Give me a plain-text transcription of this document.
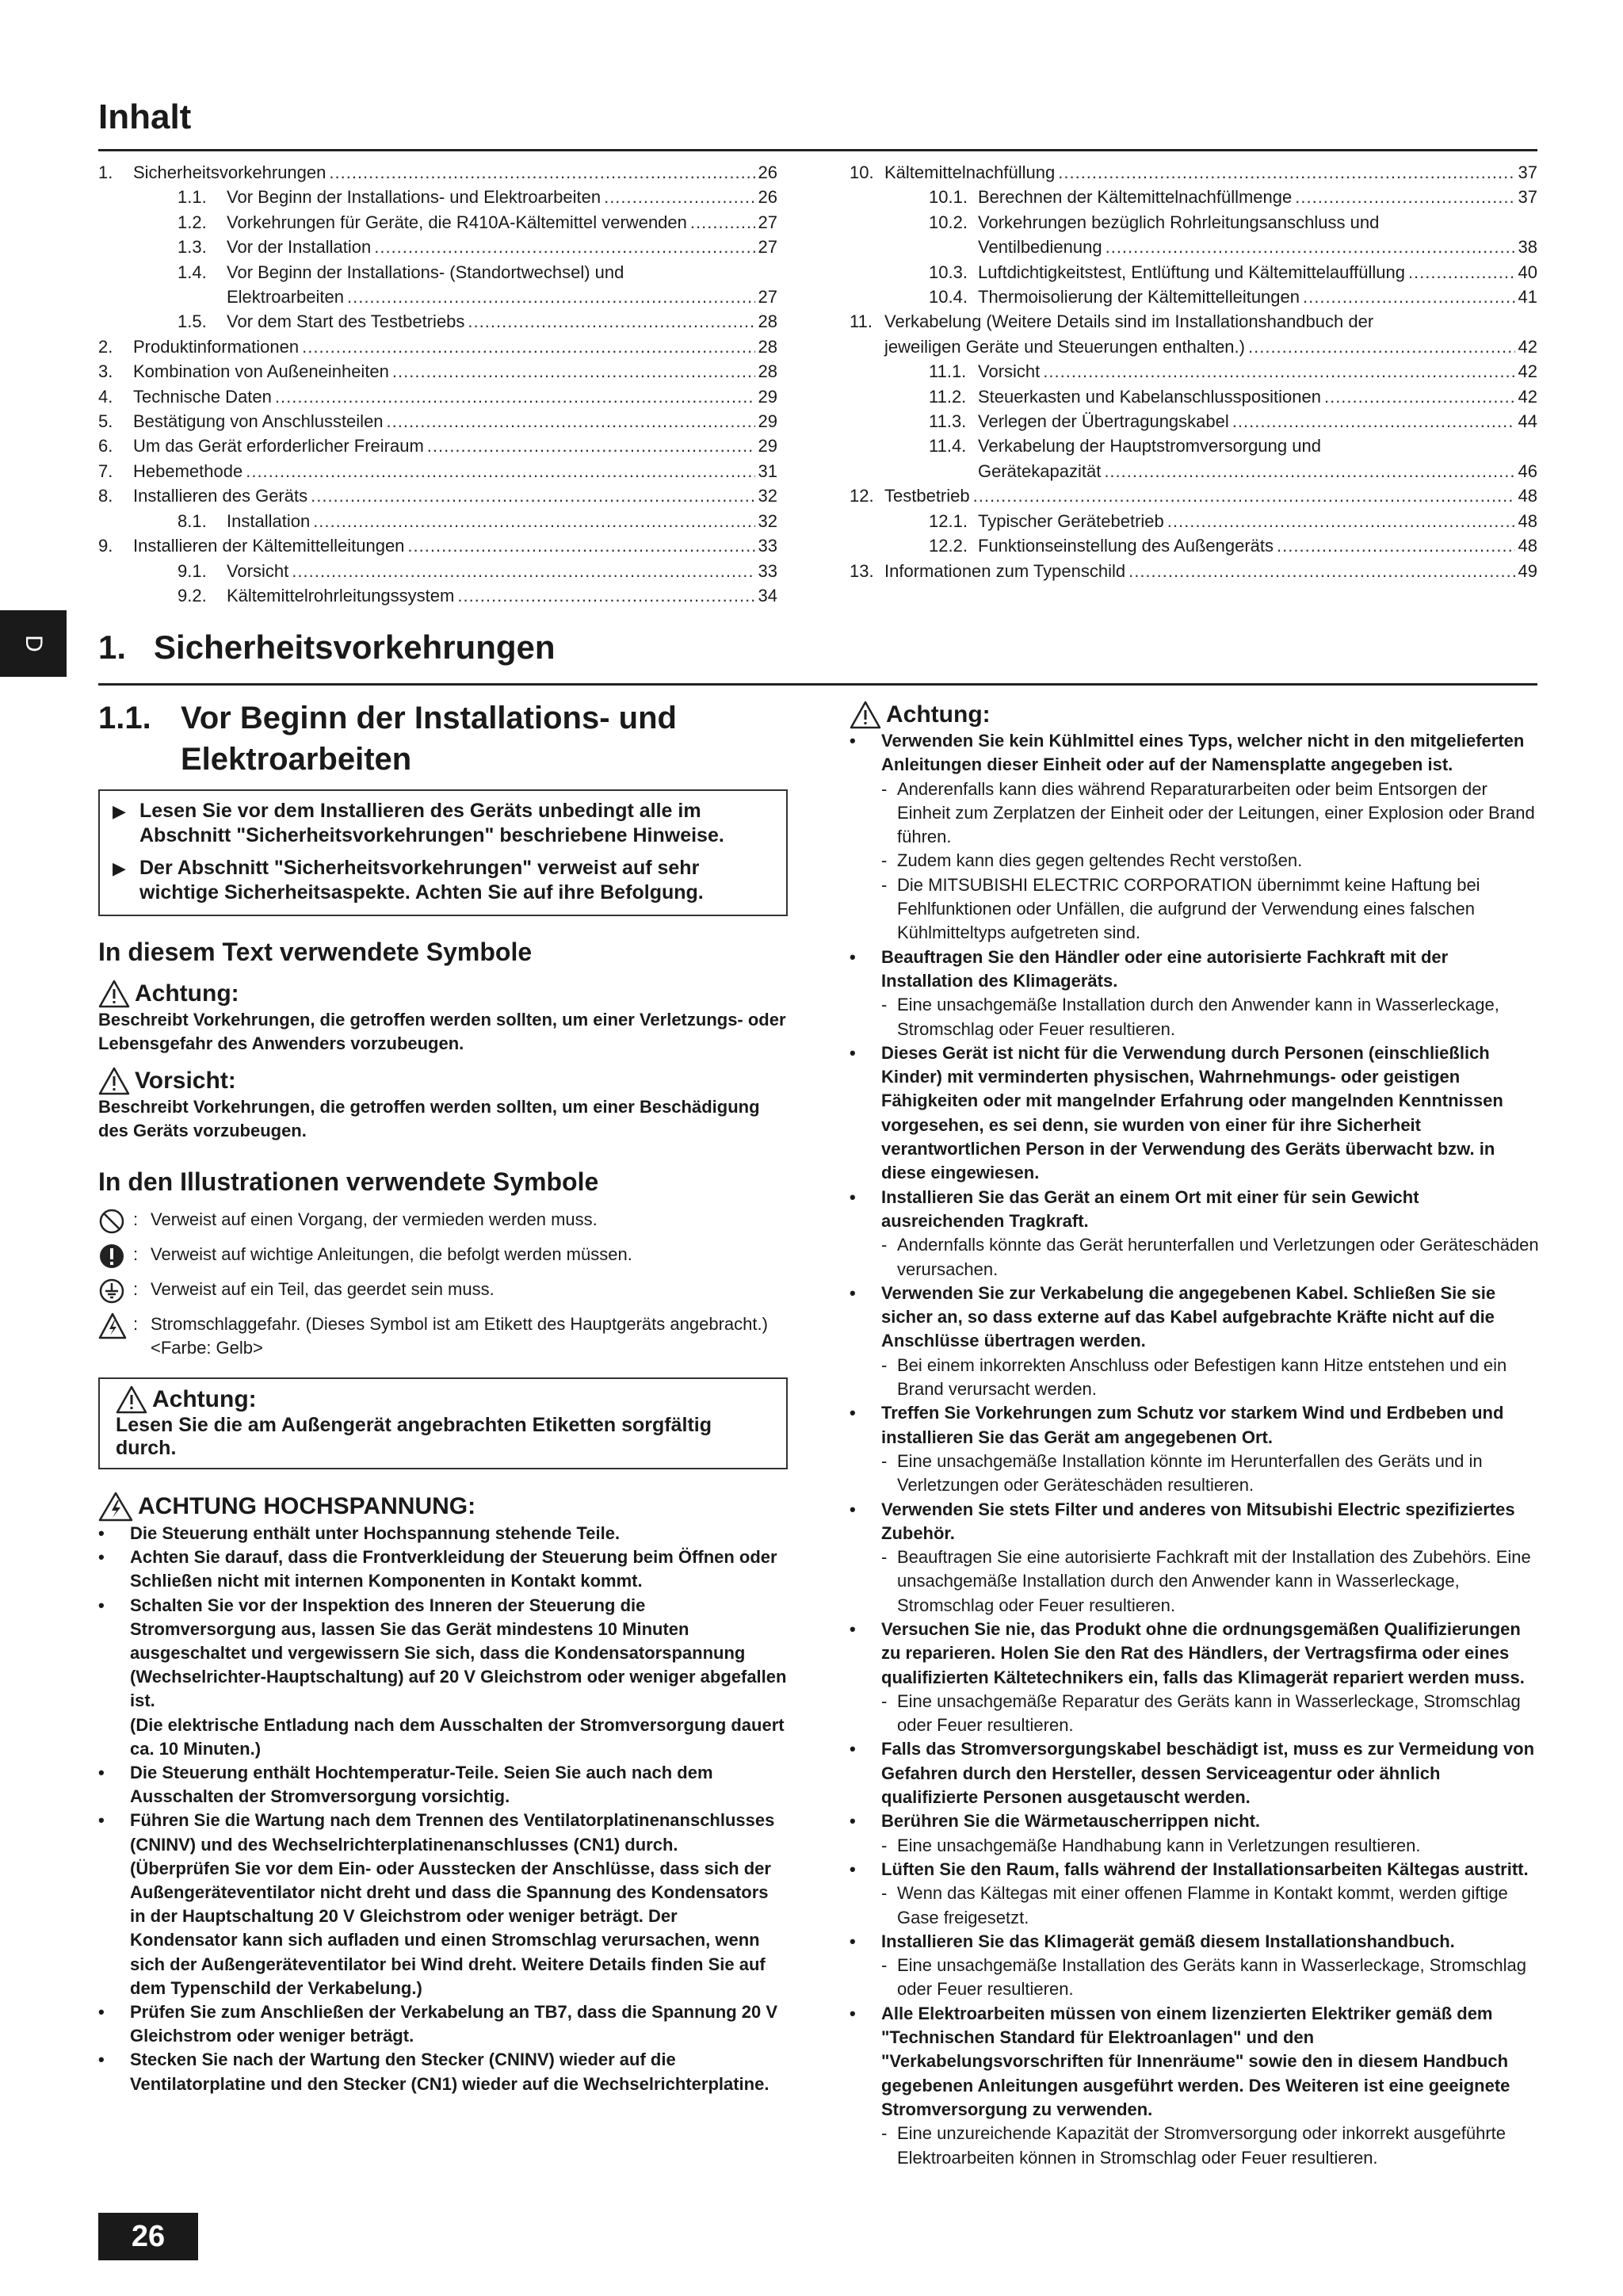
Inhalt
1.	Sicherheitsvorkehrungen .....	26
1.1.	Vor Beginn der Installations- und Elektroarbeiten .....	26
1.2.	Vorkehrungen für Geräte, die R410A-Kältemittel verwenden .....	27
1.3.	Vor der Installation .....	27
1.4.	Vor Beginn der Installations- (Standortwechsel) und
Elektroarbeiten .....	27
1.5.	Vor dem Start des Testbetriebs .....	28
2.	Produktinformationen .....	28
3.	Kombination von Außeneinheiten .....	28
4.	Technische Daten .....	29
5.	Bestätigung von Anschlussteilen .....	29
6.	Um das Gerät erforderlicher Freiraum .....	29
7.	Hebemethode .....	31
8.	Installieren des Geräts .....	32
8.1.	Installation .....	32
9.	Installieren der Kältemittelleitungen .....	33
9.1.	Vorsicht .....	33
9.2.	Kältemittelrohrleitungssystem .....	34
10. Kältemittelnachfüllung .....	37
10.1. Berechnen der Kältemittelnachfüllmenge .....	37
10.2. Vorkehrungen bezüglich Rohrleitungsanschluss und
Ventilbedienung .....	38
10.3. Luftdichtigkeitstest, Entlüftung und Kältemittelauffüllung .....	40
10.4. Thermoisolierung der Kältemittelleitungen .....	41
11. Verkabelung (Weitere Details sind im Installationshandbuch der
jeweiligen Geräte und Steuerungen enthalten.) .....	42
11.1. Vorsicht .....	42
11.2. Steuerkasten und Kabelanschlusspositionen .....	42
11.3. Verlegen der Übertragungskabel .....	44
11.4. Verkabelung der Hauptstromversorgung und
Gerätekapazität .....	46
12. Testbetrieb .....	48
12.1. Typischer Gerätebetrieb .....	48
12.2. Funktionseinstellung des Außengeräts .....	48
13. Informationen zum Typenschild .....	49
D	1. Sicherheitsvorkehrungen
1.1. Vor Beginn der Installations- und
Elektroarbeiten
▶ Lesen Sie vor dem Installieren des Geräts unbedingt alle im Abschnitt "Sicherheitsvorkehrungen" beschriebene Hinweise.
▶ Der Abschnitt "Sicherheitsvorkehrungen" verweist auf sehr wichtige Sicherheitsaspekte. Achten Sie auf ihre Befolgung.
In diesem Text verwendete Symbole
Achtung:
Beschreibt Vorkehrungen, die getroffen werden sollten, um einer Verletzungs- oder Lebensgefahr des Anwenders vorzubeugen.
Vorsicht:
Beschreibt Vorkehrungen, die getroffen werden sollten, um einer Beschädigung des Geräts vorzubeugen.
In den Illustrationen verwendete Symbole
: Verweist auf einen Vorgang, der vermieden werden muss.
: Verweist auf wichtige Anleitungen, die befolgt werden müssen.
: Verweist auf ein Teil, das geerdet sein muss.
: Stromschlaggefahr. (Dieses Symbol ist am Etikett des Hauptgeräts angebracht.) <Farbe: Gelb>
Achtung:
Lesen Sie die am Außengerät angebrachten Etiketten sorgfältig durch.
ACHTUNG HOCHSPANNUNG:
•	Die Steuerung enthält unter Hochspannung stehende Teile.
•	Achten Sie darauf, dass die Frontverkleidung der Steuerung beim Öffnen oder Schließen nicht mit internen Komponenten in Kontakt kommt.
•	Schalten Sie vor der Inspektion des Inneren der Steuerung die Stromversorgung aus, lassen Sie das Gerät mindestens 10 Minuten ausgeschaltet und vergewissern Sie sich, dass die Kondensatorspannung (Wechselrichter-Hauptschaltung) auf 20 V Gleichstrom oder weniger abgefallen ist.
(Die elektrische Entladung nach dem Ausschalten der Stromversorgung dauert ca. 10 Minuten.)
•	Die Steuerung enthält Hochtemperatur-Teile. Seien Sie auch nach dem Ausschalten der Stromversorgung vorsichtig.
•	Führen Sie die Wartung nach dem Trennen des Ventilatorplatinenanschlusses (CNINV) und des Wechselrichterplatinenanschlusses (CN1) durch.
(Überprüfen Sie vor dem Ein- oder Ausstecken der Anschlüsse, dass sich der Außengeräteventilator nicht dreht und dass die Spannung des Kondensators in der Hauptschaltung 20 V Gleichstrom oder weniger beträgt. Der Kondensator kann sich aufladen und einen Stromschlag verursachen, wenn sich der Außengeräteventilator bei Wind dreht. Weitere Details finden Sie auf dem Typenschild der Verkabelung.)
•	Prüfen Sie zum Anschließen der Verkabelung an TB7, dass die Spannung 20 V Gleichstrom oder weniger beträgt.
•	Stecken Sie nach der Wartung den Stecker (CNINV) wieder auf die Ventilatorplatine und den Stecker (CN1) wieder auf die Wechselrichterplatine.
Achtung:
•	Verwenden Sie kein Kühlmittel eines Typs, welcher nicht in den mitgelieferten Anleitungen dieser Einheit oder auf der Namensplatte angegeben ist.
- Anderenfalls kann dies während Reparaturarbeiten oder beim Entsorgen der Einheit zum Zerplatzen der Einheit oder der Leitungen, einer Explosion oder Brand führen.
- Zudem kann dies gegen geltendes Recht verstoßen.
- Die MITSUBISHI ELECTRIC CORPORATION übernimmt keine Haftung bei Fehlfunktionen oder Unfällen, die aufgrund der Verwendung eines falschen Kühlmitteltyps aufgetreten sind.
•	Beauftragen Sie den Händler oder eine autorisierte Fachkraft mit der Installation des Klimageräts.
- Eine unsachgemäße Installation durch den Anwender kann in Wasserleckage, Stromschlag oder Feuer resultieren.
•	Dieses Gerät ist nicht für die Verwendung durch Personen (einschließlich Kinder) mit verminderten physischen, Wahrnehmungs- oder geistigen Fähigkeiten oder mit mangelnder Erfahrung oder mangelnden Kenntnissen vorgesehen, es sei denn, sie wurden von einer für ihre Sicherheit verantwortlichen Person in der Verwendung des Geräts überwacht bzw. in diese eingewiesen.
•	Installieren Sie das Gerät an einem Ort mit einer für sein Gewicht ausreichenden Tragkraft.
- Andernfalls könnte das Gerät herunterfallen und Verletzungen oder Geräteschäden verursachen.
•	Verwenden Sie zur Verkabelung die angegebenen Kabel. Schließen Sie sie sicher an, so dass externe auf das Kabel aufgebrachte Kräfte nicht auf die Anschlüsse übertragen werden.
- Bei einem inkorrekten Anschluss oder Befestigen kann Hitze entstehen und ein Brand verursacht werden.
•	Treffen Sie Vorkehrungen zum Schutz vor starkem Wind und Erdbeben und installieren Sie das Gerät am angegebenen Ort.
- Eine unsachgemäße Installation könnte im Herunterfallen des Geräts und in Verletzungen oder Geräteschäden resultieren.
•	Verwenden Sie stets Filter und anderes von Mitsubishi Electric spezifiziertes Zubehör.
- Beauftragen Sie eine autorisierte Fachkraft mit der Installation des Zubehörs. Eine unsachgemäße Installation durch den Anwender kann in Wasserleckage, Stromschlag oder Feuer resultieren.
•	Versuchen Sie nie, das Produkt ohne die ordnungsgemäßen Qualifizierungen zu reparieren. Holen Sie den Rat des Händlers, der Vertragsfirma oder eines qualifizierten Kältetechnikers ein, falls das Klimagerät repariert werden muss.
- Eine unsachgemäße Reparatur des Geräts kann in Wasserleckage, Stromschlag oder Feuer resultieren.
•	Falls das Stromversorgungskabel beschädigt ist, muss es zur Vermeidung von Gefahren durch den Hersteller, dessen Serviceagentur oder ähnlich qualifizierte Personen ausgetauscht werden.
•	Berühren Sie die Wärmetauscherrippen nicht.
- Eine unsachgemäße Handhabung kann in Verletzungen resultieren.
•	Lüften Sie den Raum, falls während der Installationsarbeiten Kältegas austritt.
- Wenn das Kältegas mit einer offenen Flamme in Kontakt kommt, werden giftige Gase freigesetzt.
•	Installieren Sie das Klimagerät gemäß diesem Installationshandbuch.
- Eine unsachgemäße Installation des Geräts kann in Wasserleckage, Stromschlag oder Feuer resultieren.
•	Alle Elektroarbeiten müssen von einem lizenzierten Elektriker gemäß dem "Technischen Standard für Elektroanlagen" und den "Verkabelungsvorschriften für Innenräume" sowie den in diesem Handbuch gegebenen Anleitungen ausgeführt werden. Des Weiteren ist eine geeignete Stromversorgung zu verwenden.
- Eine unzureichende Kapazität der Stromversorgung oder inkorrekt ausgeführte Elektroarbeiten können in Stromschlag oder Feuer resultieren.
26
